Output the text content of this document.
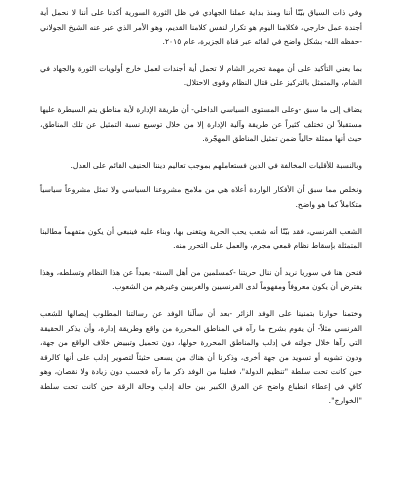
وفي ذات السياق بيّنّا أننا ومنذ بداية عملنا الجهادي في ظل الثورة السورية أكدنا على أننا لا نحمل أية أجندة عمل خارجي، فكلامنا اليوم هو تكرار لنفس كلامنا القديم، وهو الأمر الذي عبر عنه الشيخ الجولاني -حفظه الله- بشكل واضح في لقائه عبر قناة الجزيرة، عام ٢٠١٥.

بما يعني التأكيد على أن مهمة تحرير الشام لا تحمل أية أجندات لعمل خارج أولويات الثورة والجهاد في الشام، والمتمثل بالتركيز على قتال النظام وقوى الاحتلال.

يضاف إلى ما سبق -وعلى المستوى السياسي الداخلي- أن طريقة الإدارة لأية مناطق يتم السيطرة عليها مستقبلاً لن تختلف كثيراً عن طريقة وآلية الإدارة إلا من خلال توسيع نسبة التمثيل عن تلك المناطق، حيث أنها ممثلة حالياً ضمن تمثيل المناطق المهجّرة.

وبالنسبة للأقليات المخالفة في الدين فستعاملهم بموجب تعاليم ديننا الحنيف القائم على العدل.

ونخلص مما سبق أن الأفكار الواردة أعلاه هي من ملامح مشروعنا السياسي ولا تمثل مشروعاً سياسياً متكاملاً كما هو واضح.

الشعب الفرنسي، فقد بيّنّا أنه شعب يحب الحرية ويتغنى بها، وبناء عليه فينبغي أن يكون متفهماً مطالبنا المتمثلة بإسقاط نظام قمعي مجرم، والعمل على التحرر منه.

فنحن هنا في سوريا نريد أن ننال حريتنا -كمسلمين من أهل السنة- بعيداً عن هذا النظام وتسلطه، وهذا يفترض أن يكون معروفاً ومفهوماً لدى الفرنسيين والغربيين وغيرهم من الشعوب.

وختمنا حوارنا بتمنينا على الوفد الزائر -بعد أن سألَنا الوفد عن رسالتنا المطلوب إيصالها للشعب الفرنسي مثلاً- أن يقوم بشرح ما رآه في المناطق المحررة من واقع وطريقة إدارة، وأن يذكر الحقيقة التي رآها خلال جولته في إدلب والمناطق المحررة حولها، دون تحميل وتبييض خلاف الواقع من جهة، ودون تشويه أو تسويد من جهة أخرى، وذكرنا أن هناك من يسعى حثيثاً لتصوير إدلب على أنها كالرقة حين كانت تحت سلطة "تنظيم الدولة"، فعلينا من الوفد ذكر ما رآه فحسب دون زيادة ولا نقصان، وهو كافٍ في إعطاء انطباع واضح عن الفرق الكبير بين حالة إدلب وحالة الرقة حين كانت تحت سلطة "الخوارج".
